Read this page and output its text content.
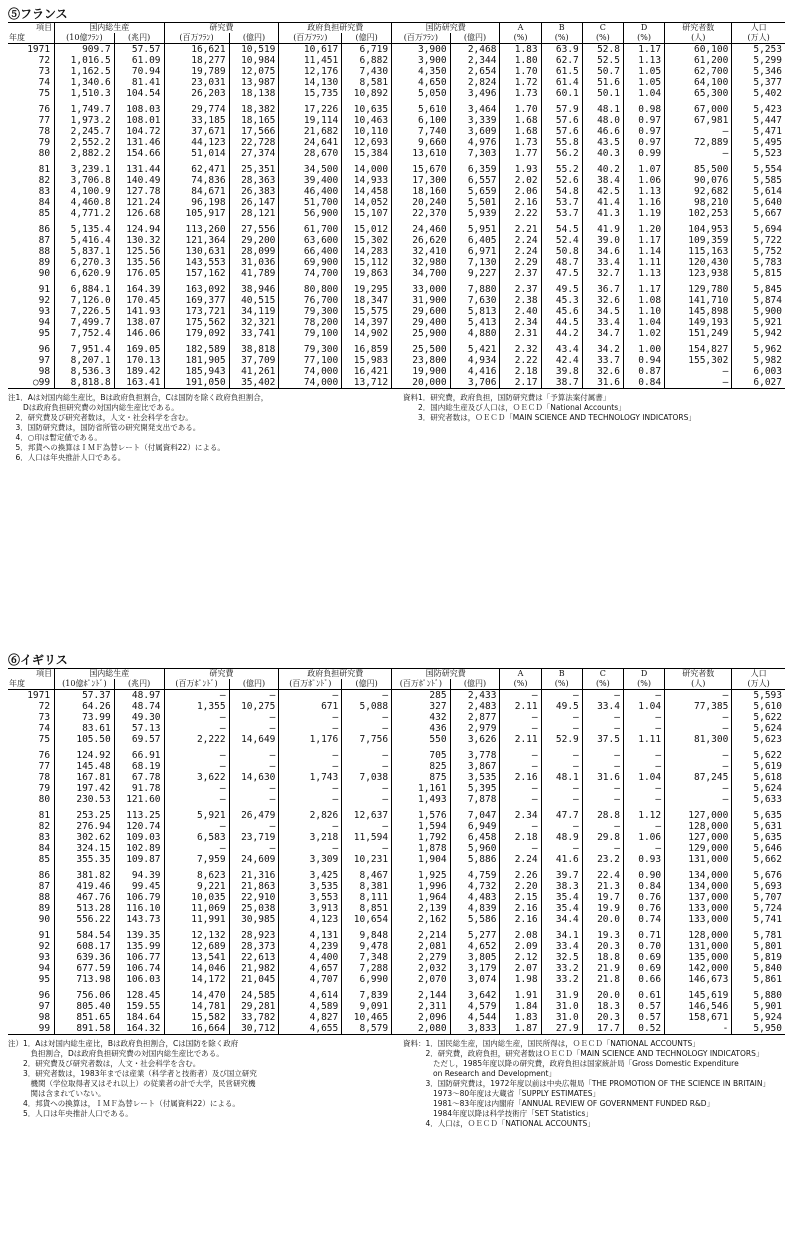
⑤フランス
項目	国内総生産		研究費		政府負担研究費		国防研究費		A	B	C	D	研究者数	人口
年度	(10億ﾌﾗﾝ)	(兆円)	(百万ﾌﾗﾝ)	(億円)	(百万ﾌﾗﾝ)	(億円)	(百万ﾌﾗﾝ)	(億円)	(%)	(%)	(%)	(%)	(人)	(万人)
1971	909.7	57.57	16,621	10,519	10,617	6,719	3,900	2,468	1.83	63.9	52.8	1.17	60,100	5,253
72	1,016.5	61.09	18,277	10,984	11,451	6,882	3,900	2,344	1.80	62.7	52.5	1.13	61,200	5,299
73	1,162.5	70.94	19,789	12,075	12,176	7,430	4,350	2,654	1.70	61.5	50.7	1.05	62,700	5,346
74	1,340.6	81.41	23,031	13,987	14,130	8,581	4,650	2,824	1.72	61.4	51.6	1.05	64,100	5,377
75	1,510.3	104.54	26,203	18,138	15,735	10,892	5,050	3,496	1.73	60.1	50.1	1.04	65,300	5,402

76	1,749.7	108.03	29,774	18,382	17,226	10,635	5,610	3,464	1.70	57.9	48.1	0.98	67,000	5,423
77	1,973.2	108.01	33,185	18,165	19,114	10,463	6,100	3,339	1.68	57.6	48.0	0.97	67,981	5,447
78	2,245.7	104.72	37,671	17,566	21,682	10,110	7,740	3,609	1.68	57.6	46.6	0.97	—	5,471
79	2,552.2	131.46	44,123	22,728	24,641	12,693	9,660	4,976	1.73	55.8	43.5	0.97	72,889	5,495
80	2,882.2	154.66	51,014	27,374	28,670	15,384	13,610	7,303	1.77	56.2	40.3	0.99	—	5,523

81	3,239.1	131.44	62,471	25,351	34,500	14,000	15,670	6,359	1.93	55.2	40.2	1.07	85,500	5,554
82	3,706.8	140.49	74,836	28,363	39,400	14,933	17,300	6,557	2.02	52.6	38.4	1.06	90,076	5,585
83	4,100.9	127.78	84,671	26,383	46,400	14,458	18,160	5,659	2.06	54.8	42.5	1.13	92,682	5,614
84	4,460.8	121.24	96,198	26,147	51,700	14,052	20,240	5,501	2.16	53.7	41.4	1.16	98,210	5,640
85	4,771.2	126.68	105,917	28,121	56,900	15,107	22,370	5,939	2.22	53.7	41.3	1.19	102,253	5,667

86	5,135.4	124.94	113,260	27,556	61,700	15,012	24,460	5,951	2.21	54.5	41.9	1.20	104,953	5,694
87	5,416.4	130.32	121,364	29,200	63,600	15,302	26,620	6,405	2.24	52.4	39.0	1.17	109,359	5,722
88	5,837.1	125.56	130,631	28,099	66,400	14,283	32,410	6,971	2.24	50.8	34.6	1.14	115,163	5,752
89	6,270.3	135.56	143,553	31,036	69,900	15,112	32,980	7,130	2.29	48.7	33.4	1.11	120,430	5,783
90	6,620.9	176.05	157,162	41,789	74,700	19,863	34,700	9,227	2.37	47.5	32.7	1.13	123,938	5,815

91	6,884.1	164.39	163,092	38,946	80,800	19,295	33,000	7,880	2.37	49.5	36.7	1.17	129,780	5,845
92	7,126.0	170.45	169,377	40,515	76,700	18,347	31,900	7,630	2.38	45.3	32.6	1.08	141,710	5,874
93	7,226.5	141.93	173,721	34,119	79,300	15,575	29,600	5,813	2.40	45.6	34.5	1.10	145,898	5,900
94	7,499.7	138.07	175,562	32,321	78,200	14,397	29,400	5,413	2.34	44.5	33.4	1.04	149,193	5,921
95	7,752.4	146.06	179,092	33,741	79,100	14,902	25,900	4,880	2.31	44.2	34.7	1.02	151,249	5,942

96	7,951.4	169.05	182,589	38,818	79,300	16,859	25,500	5,421	2.32	43.4	34.2	1.00	154,827	5,962
97	8,207.1	170.13	181,905	37,709	77,100	15,983	23,800	4,934	2.22	42.4	33.7	0.94	155,302	5,982
98	8,536.3	189.42	185,943	41,261	74,000	16,421	19,900	4,416	2.18	39.8	32.6	0.87	—	6,003
○99	8,818.8	163.41	191,050	35,402	74,000	13,712	20,000	3,706	2.17	38.7	31.6	0.84	—	6,027
注1．Aは対国内総生産比，Bは政府負担割合，Cは国防を除く政府負担割合，
　　Dは政府負担研究費の対国内総生産比である。
　2．研究費及び研究者数は，人文・社会科学を含む。
　3．国防研究費は，国防省所管の研究開発支出である。
　4．○印は暫定値である。
　5．邦貨への換算はＩＭＦ為替レート（付属資料22）による。
　6．人口は年央推計人口である。
資料1．研究費，政府負担，国防研究費は「予算法案付属書」
　　2．国内総生産及び人口は，ＯＥＣＤ「National Accounts」
　　3．研究者数は，ＯＥＣＤ「MAIN SCIENCE AND TECHNOLOGY INDICATORS」
⑥イギリス
項目	国内総生産		研究費		政府負担研究費		国防研究費		A	B	C	D	研究者数	人口
年度	(10億ﾎﾟﾝﾄﾞ)	(兆円)	(百万ﾎﾟﾝﾄﾞ)	(億円)	(百万ﾎﾟﾝﾄﾞ)	(億円)	(百万ﾎﾟﾝﾄﾞ)	(億円)	(%)	(%)	(%)	(%)	(人)	(万人)
1971	57.37	48.97	—	—	—	—	285	2,433	—	—	—	—	—	5,593
72	64.26	48.74	1,355	10,275	671	5,088	327	2,483	2.11	49.5	33.4	1.04	77,385	5,610
73	73.99	49.30	—	—	—	—	432	2,877	—	—	—	—	—	5,622
74	83.61	57.13	—	—	—	—	436	2,979	—	—	—	—	—	5,624
75	105.50	69.57	2,222	14,649	1,176	7,756	550	3,626	2.11	52.9	37.5	1.11	81,300	5,623

76	124.92	66.91	—	—	—	—	705	3,778	—	—	—	—	—	5,622
77	145.48	68.19	—	—	—	—	825	3,867	—	—	—	—	—	5,619
78	167.81	67.78	3,622	14,630	1,743	7,038	875	3,535	2.16	48.1	31.6	1.04	87,245	5,618
79	197.42	91.78	—	—	—	—	1,161	5,395	—	—	—	—	—	5,624
80	230.53	121.60	—	—	—	—	1,493	7,878	—	—	—	—	—	5,633

81	253.25	113.25	5,921	26,479	2,826	12,637	1,576	7,047	2.34	47.7	28.8	1.12	127,000	5,635
82	276.94	120.74	—	—	—	—	1,594	6,949	—	—	—	—	128,000	5,631
83	302.62	109.03	6,583	23,719	3,218	11,594	1,792	6,458	2.18	48.9	29.8	1.06	127,000	5,635
84	324.15	102.89	—	—	—	—	1,878	5,960	—	—	—	—	129,000	5,646
85	355.35	109.87	7,959	24,609	3,309	10,231	1,904	5,886	2.24	41.6	23.2	0.93	131,000	5,662

86	381.82	94.39	8,623	21,316	3,425	8,467	1,925	4,759	2.26	39.7	22.4	0.90	134,000	5,676
87	419.46	99.45	9,221	21,863	3,535	8,381	1,996	4,732	2.20	38.3	21.3	0.84	134,000	5,693
88	467.76	106.79	10,035	22,910	3,553	8,111	1,964	4,483	2.15	35.4	19.7	0.76	137,000	5,707
89	513.28	116.10	11,069	25,038	3,913	8,851	2,139	4,839	2.16	35.4	19.9	0.76	133,000	5,724
90	556.22	143.73	11,991	30,985	4,123	10,654	2,162	5,586	2.16	34.4	20.0	0.74	133,000	5,741

91	584.54	139.35	12,132	28,923	4,131	9,848	2,214	5,277	2.08	34.1	19.3	0.71	128,000	5,781
92	608.17	135.99	12,689	28,373	4,239	9,478	2,081	4,652	2.09	33.4	20.3	0.70	131,000	5,801
93	639.36	106.77	13,541	22,613	4,400	7,348	2,279	3,805	2.12	32.5	18.8	0.69	135,000	5,819
94	677.59	106.74	14,046	21,982	4,657	7,288	2,032	3,179	2.07	33.2	21.9	0.69	142,000	5,840
95	713.98	106.03	14,172	21,045	4,707	6,990	2,070	3,074	1.98	33.2	21.8	0.66	146,673	5,861

96	756.06	128.45	14,470	24,585	4,614	7,839	2,144	3,642	1.91	31.9	20.0	0.61	145,619	5,880
97	805.40	159.55	14,781	29,281	4,589	9,091	2,311	4,579	1.84	31.0	18.3	0.57	146,546	5,901
98	851.65	184.64	15,582	33,782	4,827	10,465	2,096	4,544	1.83	31.0	20.3	0.57	158,671	5,924
99	891.58	164.32	16,664	30,712	4,655	8,579	2,080	3,833	1.87	27.9	17.7	0.52	-	5,950
注）1．Aは対国内総生産比，Bは政府負担割合，Cは国防を除く政府
　　　負担割合，Dは政府負担研究費の対国内総生産比である。
　　2．研究費及び研究者数は，人文・社会科学を含む。
　　3．研究者数は，1983年までは産業（科学者と技術者）及び国立研究
　　　機関（学位取得者又はそれ以上）の従業者の計で大学，民営研究機
　　　関は含まれていない。
　　4．邦貨への換算は，ＩＭＦ為替レート（付属資料22）による。
　　5．人口は年央推計人口である。
資料：1．国民総生産，国内総生産，国民所得は，ＯＥＣＤ「NATIONAL ACCOUNTS」
　　　2．研究費，政府負担，研究者数はＯＥＣＤ「MAIN SCIENCE AND TECHNOLOGY INDICATORS」
　　　　ただし，1985年度以降の研究費，政府負担は国家統計局「Gross Domestic Expenditure
　　　　on Research and Development」
　　　3．国防研究費は，1972年度以前は中央広報局「THE PROMOTION OF THE SCIENCE IN BRITAIN」
　　　　1973～80年度は大蔵省「SUPPLY ESTIMATES」
　　　　1981～83年度は内閣府「ANNUAL REVIEW OF GOVERNMENT FUNDED R&D」
　　　　1984年度以降は科学技術庁「SET Statistics」
　　　4．人口は，ＯＥＣＤ「NATIONAL ACCOUNTS」
